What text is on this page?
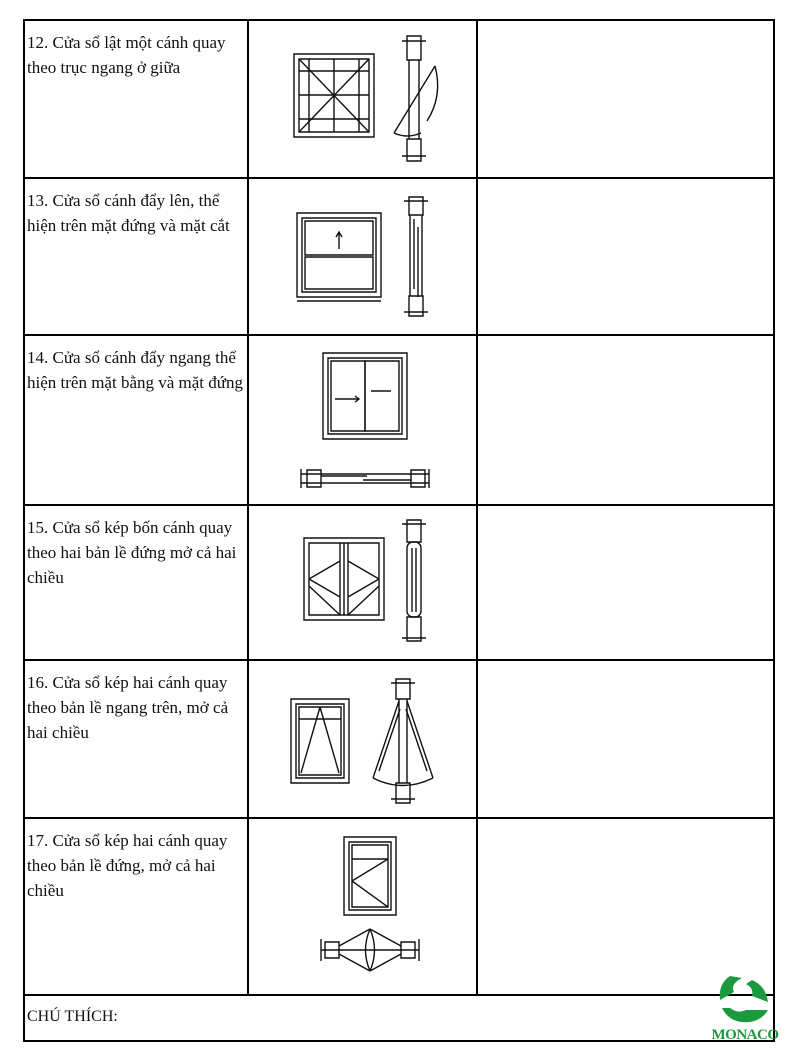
12. Cửa sổ lật một cánh quay theo trục ngang ở giữa

13. Cửa sổ cánh đẩy lên, thể hiện trên mặt đứng và mặt cắt

14. Cửa sổ cánh đẩy ngang thể hiện trên mặt bằng và mặt đứng

15. Cửa sổ kép bốn cánh quay theo hai bản lề đứng mở cả hai chiều

16. Cửa sổ kép hai cánh quay theo bản lề ngang trên, mở cả hai chiều

17. Cửa sổ kép hai cánh quay theo bản lề đứng, mở cả hai chiều

CHÚ THÍCH:
MONACO
